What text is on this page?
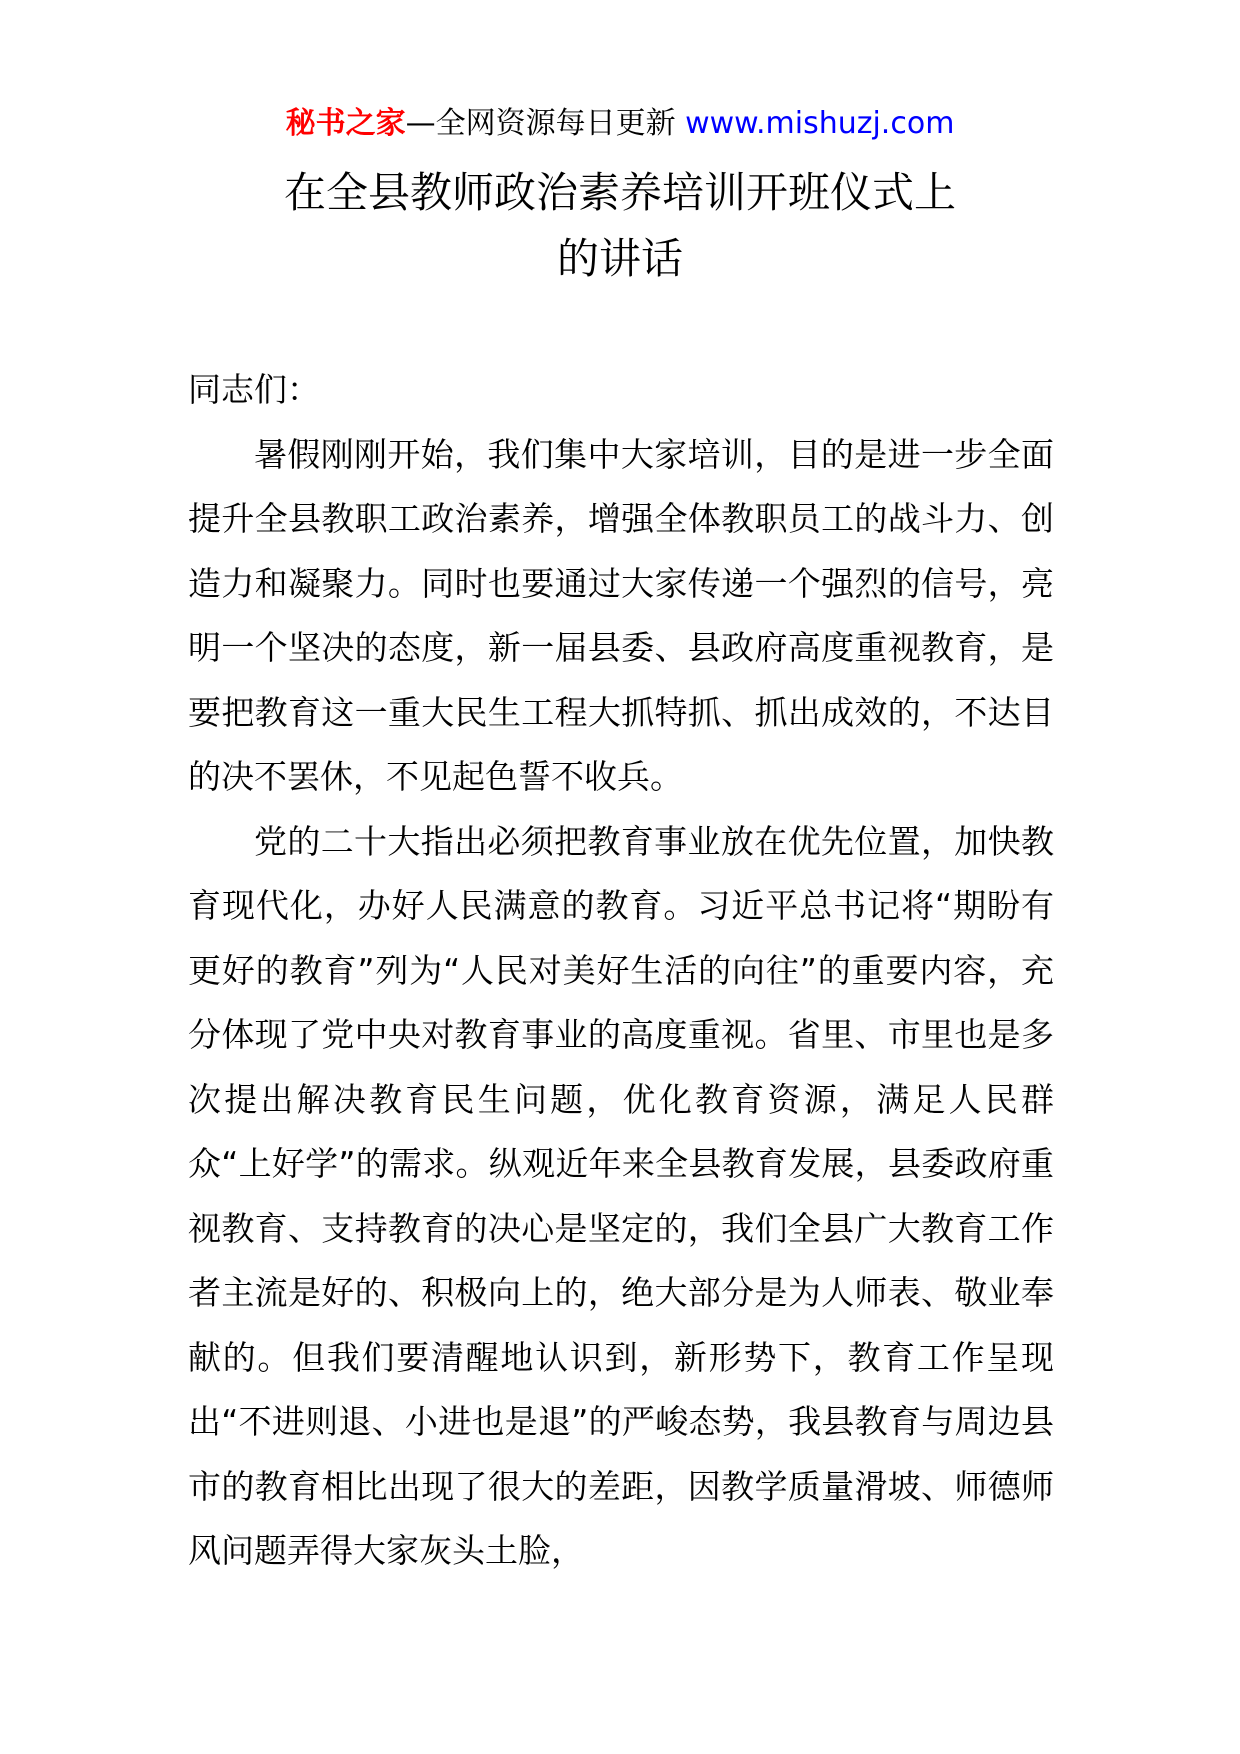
秘书之家—全网资源每日更新 www.mishuzj.com
在全县教师政治素养培训开班仪式上
的讲话

同志们：

暑假刚刚开始，我们集中大家培训，目的是进一步全面提升全县教职工政治素养，增强全体教职员工的战斗力、创造力和凝聚力。同时也要通过大家传递一个强烈的信号，亮明一个坚决的态度，新一届县委、县政府高度重视教育，是要把教育这一重大民生工程大抓特抓、抓出成效的，不达目的决不罢休，不见起色誓不收兵。

党的二十大指出必须把教育事业放在优先位置，加快教育现代化，办好人民满意的教育。习近平总书记将“期盼有更好的教育”列为“人民对美好生活的向往”的重要内容，充分体现了党中央对教育事业的高度重视。省里、市里也是多次提出解决教育民生问题，优化教育资源，满足人民群众“上好学”的需求。纵观近年来全县教育发展，县委政府重视教育、支持教育的决心是坚定的，我们全县广大教育工作者主流是好的、积极向上的，绝大部分是为人师表、敬业奉献的。但我们要清醒地认识到，新形势下，教育工作呈现出“不进则退、小进也是退”的严峻态势，我县教育与周边县市的教育相比出现了很大的差距，因教学质量滑坡、师德师风问题弄得大家灰头土脸，
